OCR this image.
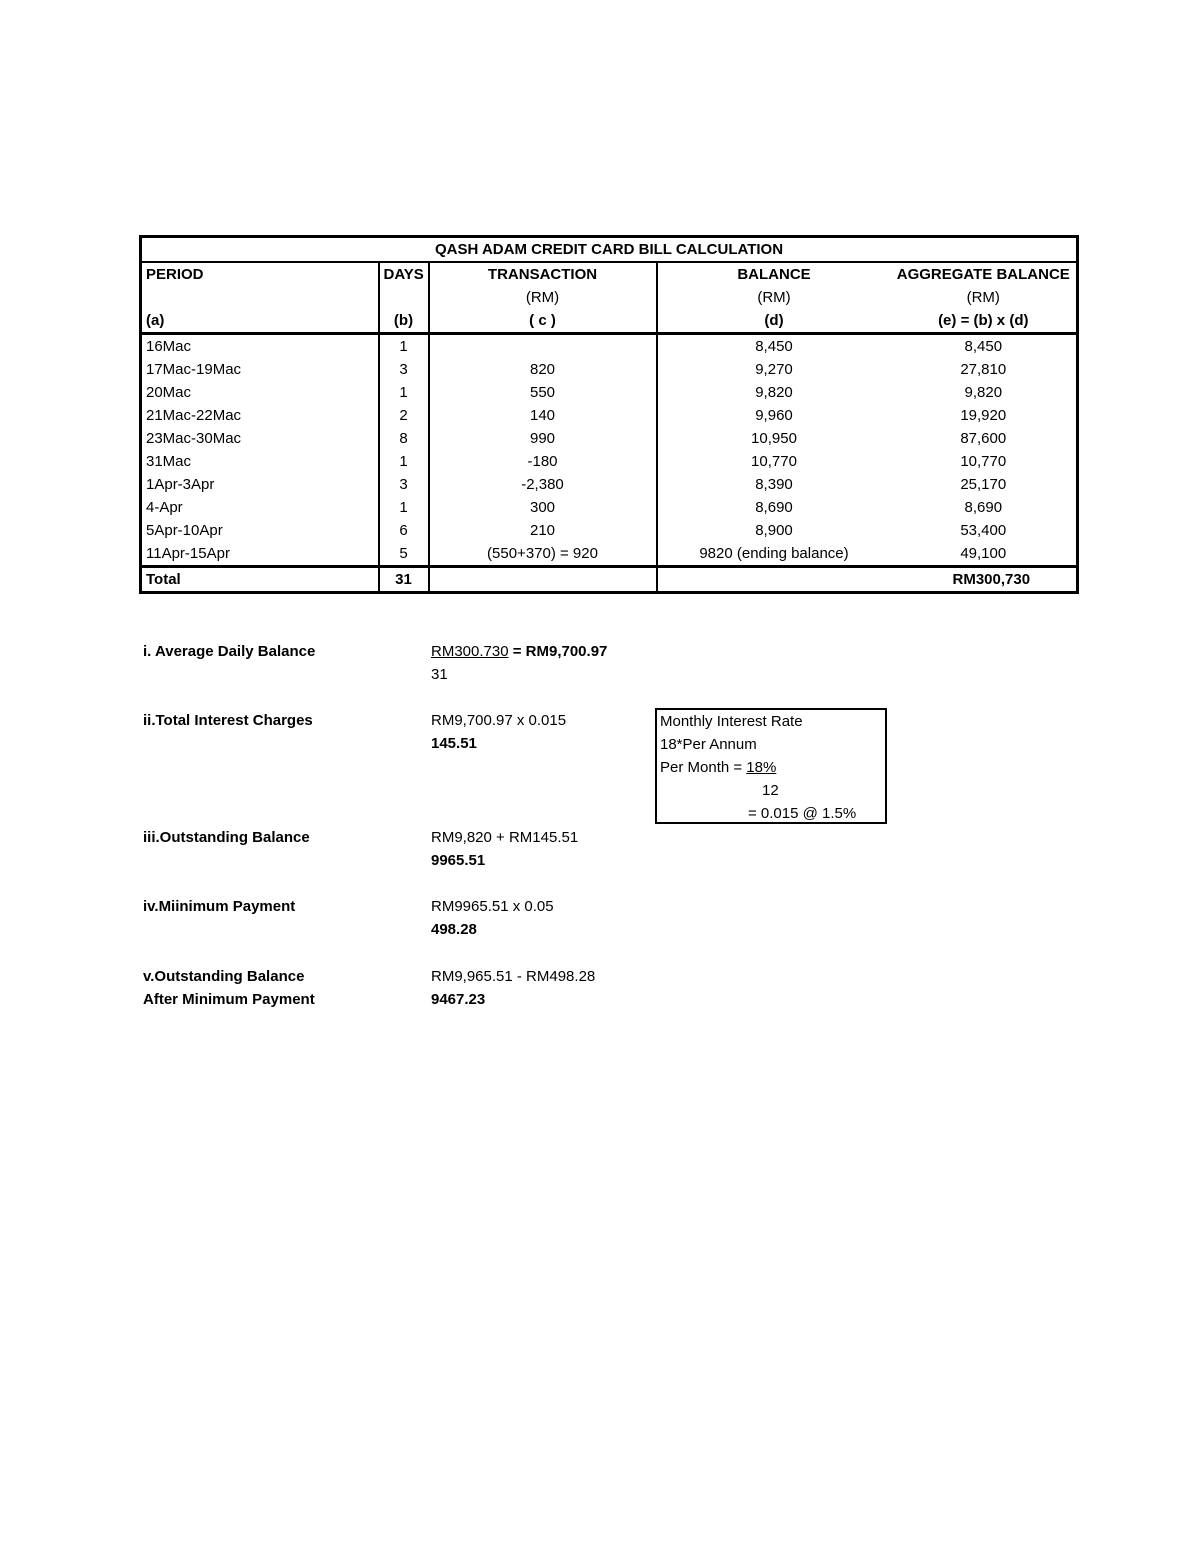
QASH ADAM CREDIT CARD BILL CALCULATION				
PERIOD	DAYS	TRANSACTION	BALANCE	AGGREGATE BALANCE
		(RM)	(RM)	(RM)
(a)	(b)	( c )	(d)	(e) = (b) x (d)
16Mac	1		8,450	8,450
17Mac-19Mac	3	820	9,270	27,810
20Mac	1	550	9,820	9,820
21Mac-22Mac	2	140	9,960	19,920
23Mac-30Mac	8	990	10,950	87,600
31Mac	1	-180	10,770	10,770
1Apr-3Apr	3	-2,380	8,390	25,170
4-Apr	1	300	8,690	8,690
5Apr-10Apr	6	210	8,900	53,400
11Apr-15Apr	5	(550+370) = 920	9820 (ending balance)	49,100
Total	31			RM300,730
i. Average Daily Balance	RM300.730 = RM9,700.97
31
ii.Total Interest Charges	RM9,700.97 x 0.015
145.51
iii.Outstanding Balance	RM9,820 + RM145.51
9965.51
iv.Miinimum Payment	RM9965.51 x 0.05
498.28
v.Outstanding Balance
After Minimum Payment
RM9,965.51 - RM498.28
9467.23
Monthly Interest Rate
18*Per Annum
Per Month = 18%
12
= 0.015 @ 1.5%
